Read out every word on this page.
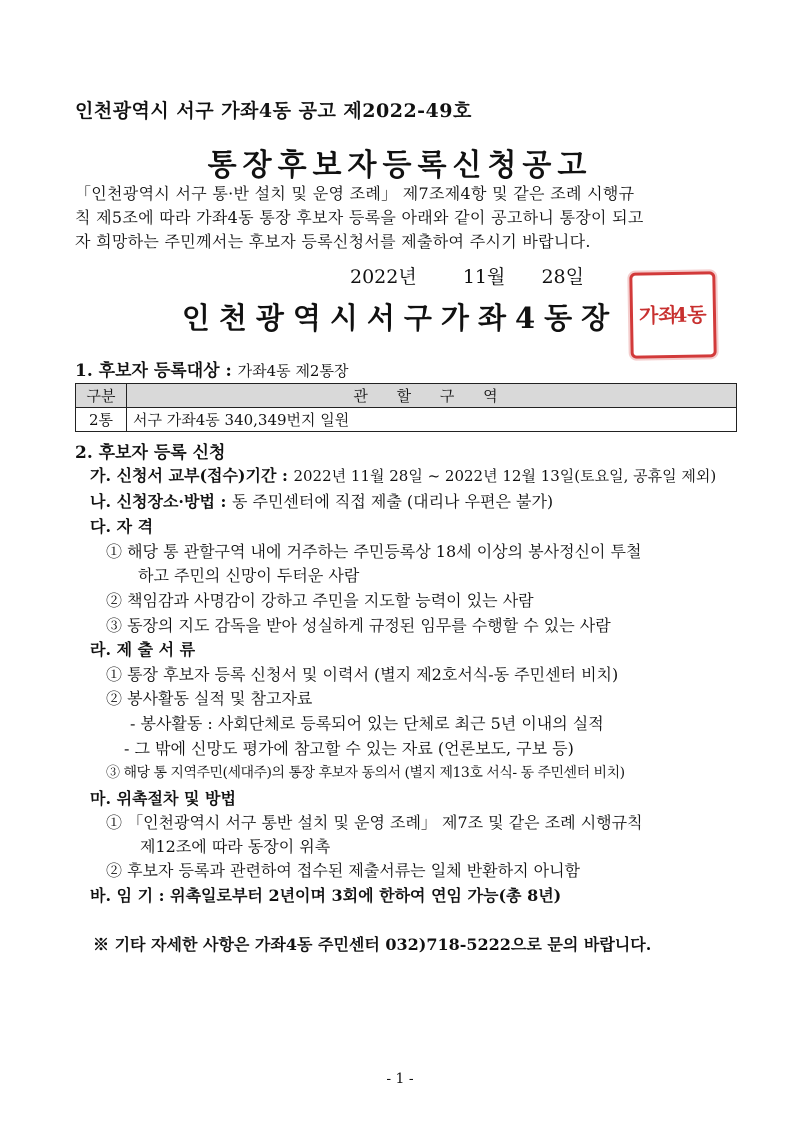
인천광역시 서구 가좌4동 공고 제2022-49호
통장후보자등록신청공고
「인천광역시 서구 통·반 설치 및 운영 조례」 제7조제4항 및 같은 조례 시행규
칙 제5조에 따라 가좌4동 통장 후보자 등록을 아래와 같이 공고하니 통장이 되고
자 희망하는 주민께서는 후보자 등록신청서를 제출하여 주시기 바랍니다.
2022년 11월 28일
인천광역시서구가좌4동장	가좌
4동
1. 후보자 등록대상 : 가좌4동 제2통장
구분	관 할 구 역
2통	서구 가좌4동 340,349번지 일원
2. 후보자 등록 신청
가. 신청서 교부(접수)기간 : 2022년 11월 28일 ~ 2022년 12월 13일(토요일, 공휴일 제외)
나. 신청장소·방법 : 동 주민센터에 직접 제출 (대리나 우편은 불가)
다. 자 격
① 해당 통 관할구역 내에 거주하는 주민등록상 18세 이상의 봉사정신이 투철
하고 주민의 신망이 두터운 사람
② 책임감과 사명감이 강하고 주민을 지도할 능력이 있는 사람
③ 동장의 지도 감독을 받아 성실하게 규정된 임무를 수행할 수 있는 사람
라. 제 출 서 류
① 통장 후보자 등록 신청서 및 이력서 (별지 제2호서식-동 주민센터 비치)
② 봉사활동 실적 및 참고자료
- 봉사활동 : 사회단체로 등록되어 있는 단체로 최근 5년 이내의 실적
- 그 밖에 신망도 평가에 참고할 수 있는 자료 (언론보도, 구보 등)
③ 해당 통 지역주민(세대주)의 통장 후보자 동의서 (별지 제13호 서식- 동 주민센터 비치)
마. 위촉절차 및 방법
① 「인천광역시 서구 통반 설치 및 운영 조례」 제7조 및 같은 조례 시행규칙
제12조에 따라 동장이 위촉
② 후보자 등록과 관련하여 접수된 제출서류는 일체 반환하지 아니함
바. 임 기 : 위촉일로부터 2년이며 3회에 한하여 연임 가능(총 8년)
※ 기타 자세한 사항은 가좌4동 주민센터 032)718-5222으로 문의 바랍니다.
- 1 -
